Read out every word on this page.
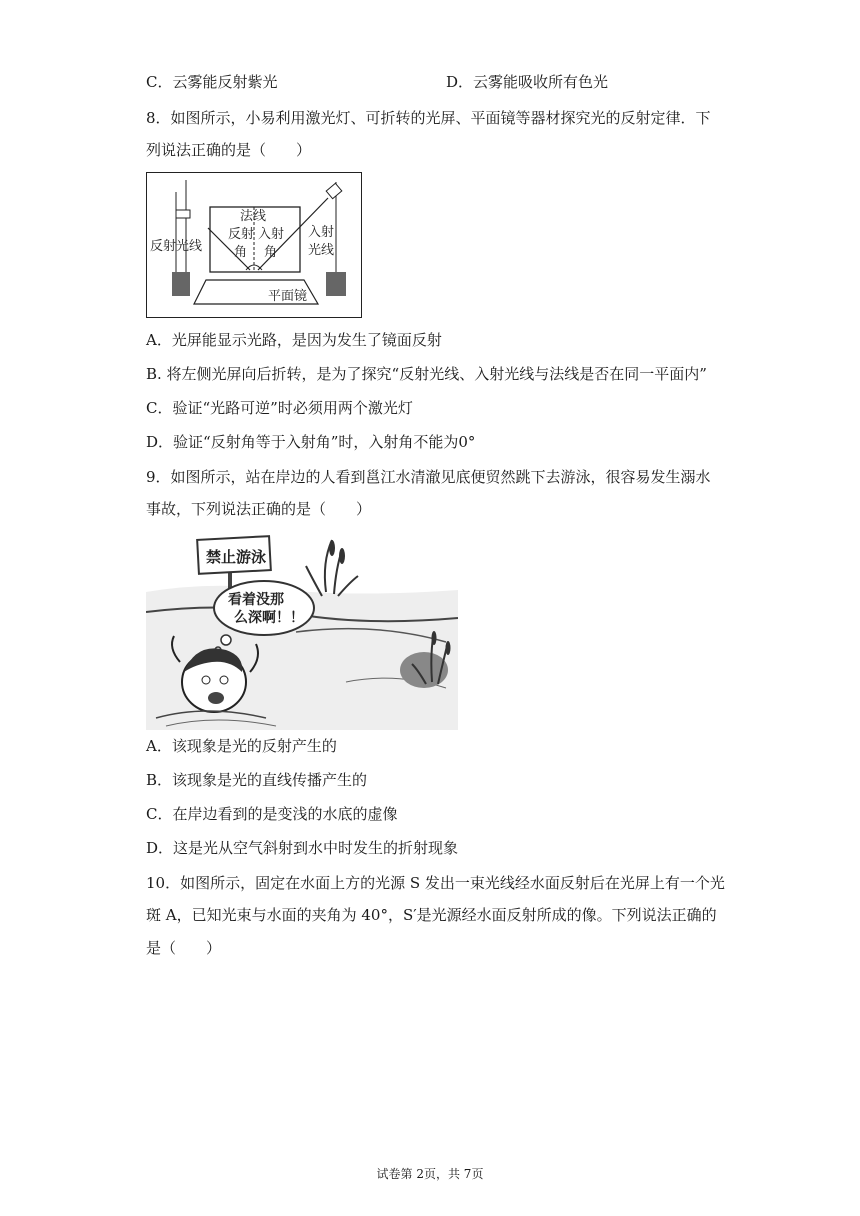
C．云雾能反射紫光	D．云雾能吸收所有色光
8．如图所示，小易利用激光灯、可折转的光屏、平面镜等器材探究光的反射定律．下
列说法正确的是（　　）
法线
反射
角
入射
角
反射光线
入射
光线
平面镜
A．光屏能显示光路，是因为发生了镜面反射
B. 将左侧光屏向后折转，是为了探究“反射光线、入射光线与法线是否在同一平面内”
C．验证“光路可逆”时必须用两个激光灯
D．验证“反射角等于入射角”时，入射角不能为0°
9．如图所示，站在岸边的人看到邕江水清澈见底便贸然跳下去游泳，很容易发生溺水
事故，下列说法正确的是（　　）
禁止游泳
看着没那
么深啊！！
A．该现象是光的反射产生的
B．该现象是光的直线传播产生的
C．在岸边看到的是变浅的水底的虚像
D．这是光从空气斜射到水中时发生的折射现象
10．如图所示，固定在水面上方的光源 S 发出一束光线经水面反射后在光屏上有一个光
斑 A，已知光束与水面的夹角为 40°，S′是光源经水面反射所成的像。下列说法正确的
是（　　）
试卷第 2页，共 7页
